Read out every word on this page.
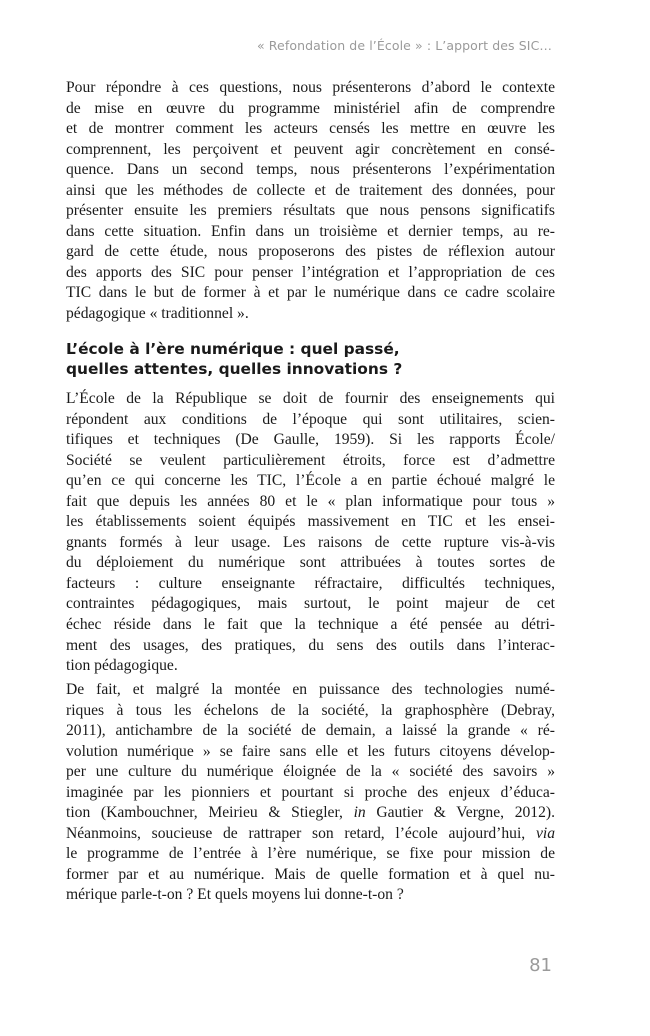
« Refondation de l’École » : L’apport des SIC…
Pour répondre à ces questions, nous présenterons d’abord le contexte
de mise en œuvre du programme ministériel afin de comprendre
et de montrer comment les acteurs censés les mettre en œuvre les
comprennent, les perçoivent et peuvent agir concrètement en consé-
quence. Dans un second temps, nous présenterons l’expérimentation
ainsi que les méthodes de collecte et de traitement des données, pour
présenter ensuite les premiers résultats que nous pensons significatifs
dans cette situation. Enfin dans un troisième et dernier temps, au re-
gard de cette étude, nous proposerons des pistes de réflexion autour
des apports des SIC pour penser l’intégration et l’appropriation de ces
TIC dans le but de former à et par le numérique dans ce cadre scolaire
pédagogique « traditionnel ».
L’école à l’ère numérique : quel passé,
quelles attentes, quelles innovations ?
L’École de la République se doit de fournir des enseignements qui
répondent aux conditions de l’époque qui sont utilitaires, scien-
tifiques et techniques (De Gaulle, 1959). Si les rapports École/
Société se veulent particulièrement étroits, force est d’admettre
qu’en ce qui concerne les TIC, l’École a en partie échoué malgré le
fait que depuis les années 80 et le « plan informatique pour tous »
les établissements soient équipés massivement en TIC et les ensei-
gnants formés à leur usage. Les raisons de cette rupture vis-à-vis
du déploiement du numérique sont attribuées à toutes sortes de
facteurs : culture enseignante réfractaire, difficultés techniques,
contraintes pédagogiques, mais surtout, le point majeur de cet
échec réside dans le fait que la technique a été pensée au détri-
ment des usages, des pratiques, du sens des outils dans l’interac-
tion pédagogique.
De fait, et malgré la montée en puissance des technologies numé-
riques à tous les échelons de la société, la graphosphère (Debray,
2011), antichambre de la société de demain, a laissé la grande « ré-
volution numérique » se faire sans elle et les futurs citoyens dévelop-
per une culture du numérique éloignée de la « société des savoirs »
imaginée par les pionniers et pourtant si proche des enjeux d’éduca-
tion (Kambouchner, Meirieu & Stiegler, in Gautier & Vergne, 2012).
Néanmoins, soucieuse de rattraper son retard, l’école aujourd’hui, via
le programme de l’entrée à l’ère numérique, se fixe pour mission de
former par et au numérique. Mais de quelle formation et à quel nu-
mérique parle-t-on ? Et quels moyens lui donne-t-on ?
81
